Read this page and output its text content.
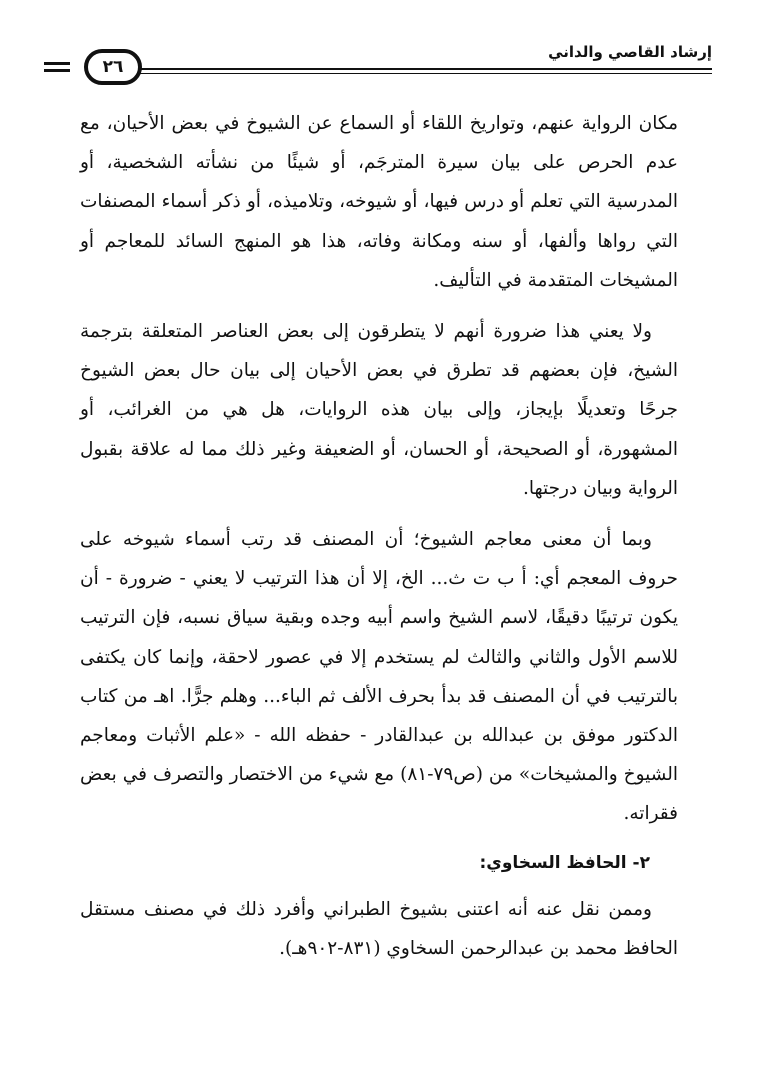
إرشاد القاصي والداني
٢٦

مكان الرواية عنهم، وتواريخ اللقاء أو السماع عن الشيوخ في بعض الأحيان، مع عدم الحرص على بيان سيرة المترجَم، أو شيئًا من نشأته الشخصية، أو المدرسية التي تعلم أو درس فيها، أو شيوخه، وتلاميذه، أو ذكر أسماء المصنفات التي رواها وألفها، أو سنه ومكانة وفاته، هذا هو المنهج السائد للمعاجم أو المشيخات المتقدمة في التأليف.

ولا يعني هذا ضرورة أنهم لا يتطرقون إلى بعض العناصر المتعلقة بترجمة الشيخ، فإن بعضهم قد تطرق في بعض الأحيان إلى بيان حال بعض الشيوخ جرحًا وتعديلًا بإيجاز، وإلى بيان هذه الروايات، هل هي من الغرائب، أو المشهورة، أو الصحيحة، أو الحسان، أو الضعيفة وغير ذلك مما له علاقة بقبول الرواية وبيان درجتها.

وبما أن معنى معاجم الشيوخ؛ أن المصنف قد رتب أسماء شيوخه على حروف المعجم أي: أ ب ت ث... الخ، إلا أن هذا الترتيب لا يعني - ضرورة - أن يكون ترتيبًا دقيقًا، لاسم الشيخ واسم أبيه وجده وبقية سياق نسبه، فإن الترتيب للاسم الأول والثاني والثالث لم يستخدم إلا في عصور لاحقة، وإنما كان يكتفى بالترتيب في أن المصنف قد بدأ بحرف الألف ثم الباء... وهلم جرًّا. اهـ من كتاب الدكتور موفق بن عبدالله بن عبدالقادر - حفظه الله - «علم الأثبات ومعاجم الشيوخ والمشيخات» من (ص٧٩-٨١) مع شيء من الاختصار والتصرف في بعض فقراته.

٢- الحافظ السخاوي:

وممن نقل عنه أنه اعتنى بشيوخ الطبراني وأفرد ذلك في مصنف مستقل الحافظ محمد بن عبدالرحمن السخاوي (٨٣١-٩٠٢هـ).
